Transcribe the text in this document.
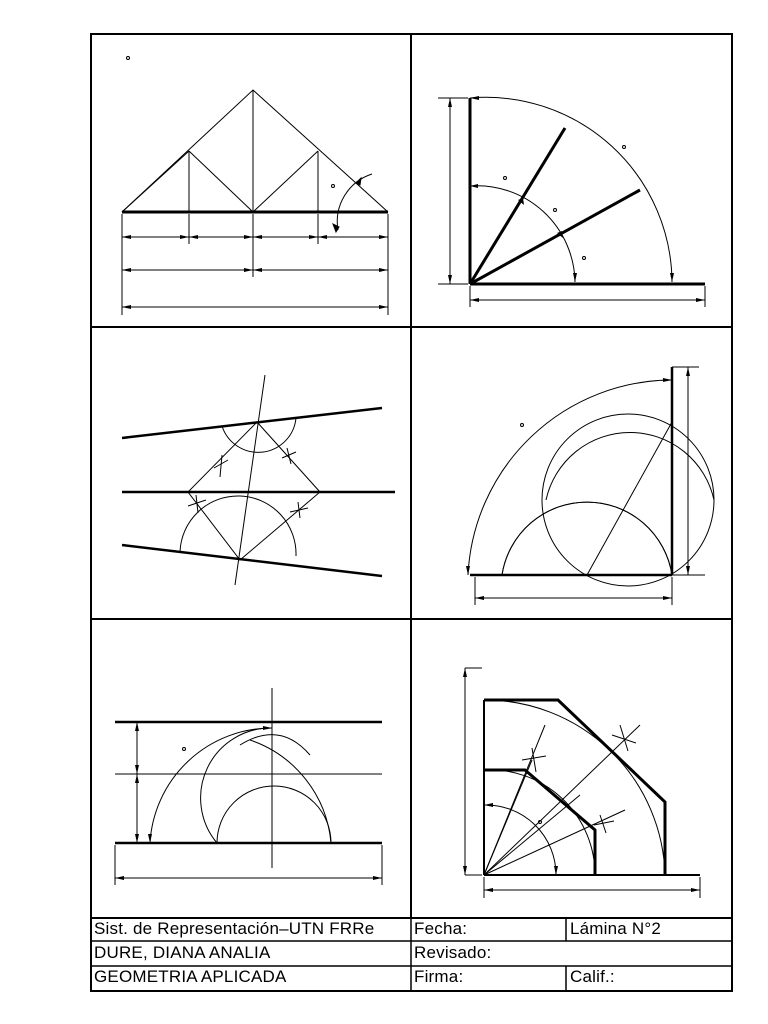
Sist. de Representación–UTN FRRe
DURE, DIANA ANALIA
GEOMETRIA APLICADA
Fecha:
Revisado:
Firma:
Lámina N°2
Calif.:
